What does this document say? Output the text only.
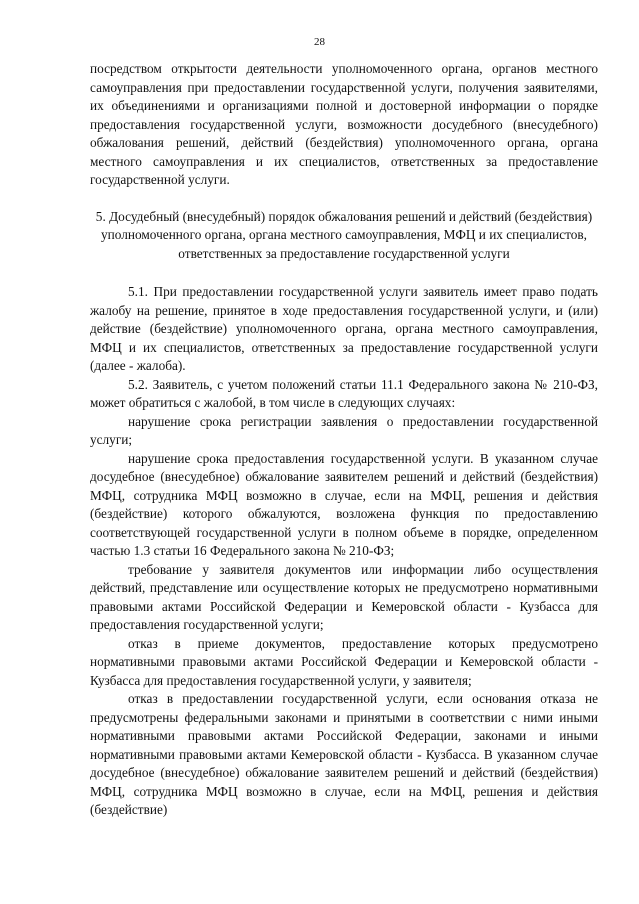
28

посредством открытости деятельности уполномоченного органа, органов местного самоуправления при предоставлении государственной услуги, получения заявителями, их объединениями и организациями полной и достоверной информации о порядке предоставления государственной услуги, возможности досудебного (внесудебного) обжалования решений, действий (бездействия) уполномоченного органа, органа местного самоуправления и их специалистов, ответственных за предоставление государственной услуги.

5. Досудебный (внесудебный) порядок обжалования решений и действий (бездействия) уполномоченного органа, органа местного самоуправления, МФЦ и их специалистов, ответственных за предоставление государственной услуги

5.1. При предоставлении государственной услуги заявитель имеет право подать жалобу на решение, принятое в ходе предоставления государственной услуги, и (или) действие (бездействие) уполномоченного органа, органа местного самоуправления, МФЦ и их специалистов, ответственных за предоставление государственной услуги (далее - жалоба).

5.2. Заявитель, с учетом положений статьи 11.1 Федерального закона № 210-ФЗ, может обратиться с жалобой, в том числе в следующих случаях:

нарушение срока регистрации заявления о предоставлении государственной услуги;

нарушение срока предоставления государственной услуги. В указанном случае досудебное (внесудебное) обжалование заявителем решений и действий (бездействия) МФЦ, сотрудника МФЦ возможно в случае, если на МФЦ, решения и действия (бездействие) которого обжалуются, возложена функция по предоставлению соответствующей государственной услуги в полном объеме в порядке, определенном частью 1.3 статьи 16 Федерального закона № 210-ФЗ;

требование у заявителя документов или информации либо осуществления действий, представление или осуществление которых не предусмотрено нормативными правовыми актами Российской Федерации и Кемеровской области - Кузбасса для предоставления государственной услуги;

отказ в приеме документов, предоставление которых предусмотрено нормативными правовыми актами Российской Федерации и Кемеровской области - Кузбасса для предоставления государственной услуги, у заявителя;

отказ в предоставлении государственной услуги, если основания отказа не предусмотрены федеральными законами и принятыми в соответствии с ними иными нормативными правовыми актами Российской Федерации, законами и иными нормативными правовыми актами Кемеровской области - Кузбасса. В указанном случае досудебное (внесудебное) обжалование заявителем решений и действий (бездействия) МФЦ, сотрудника МФЦ возможно в случае, если на МФЦ, решения и действия (бездействие)
